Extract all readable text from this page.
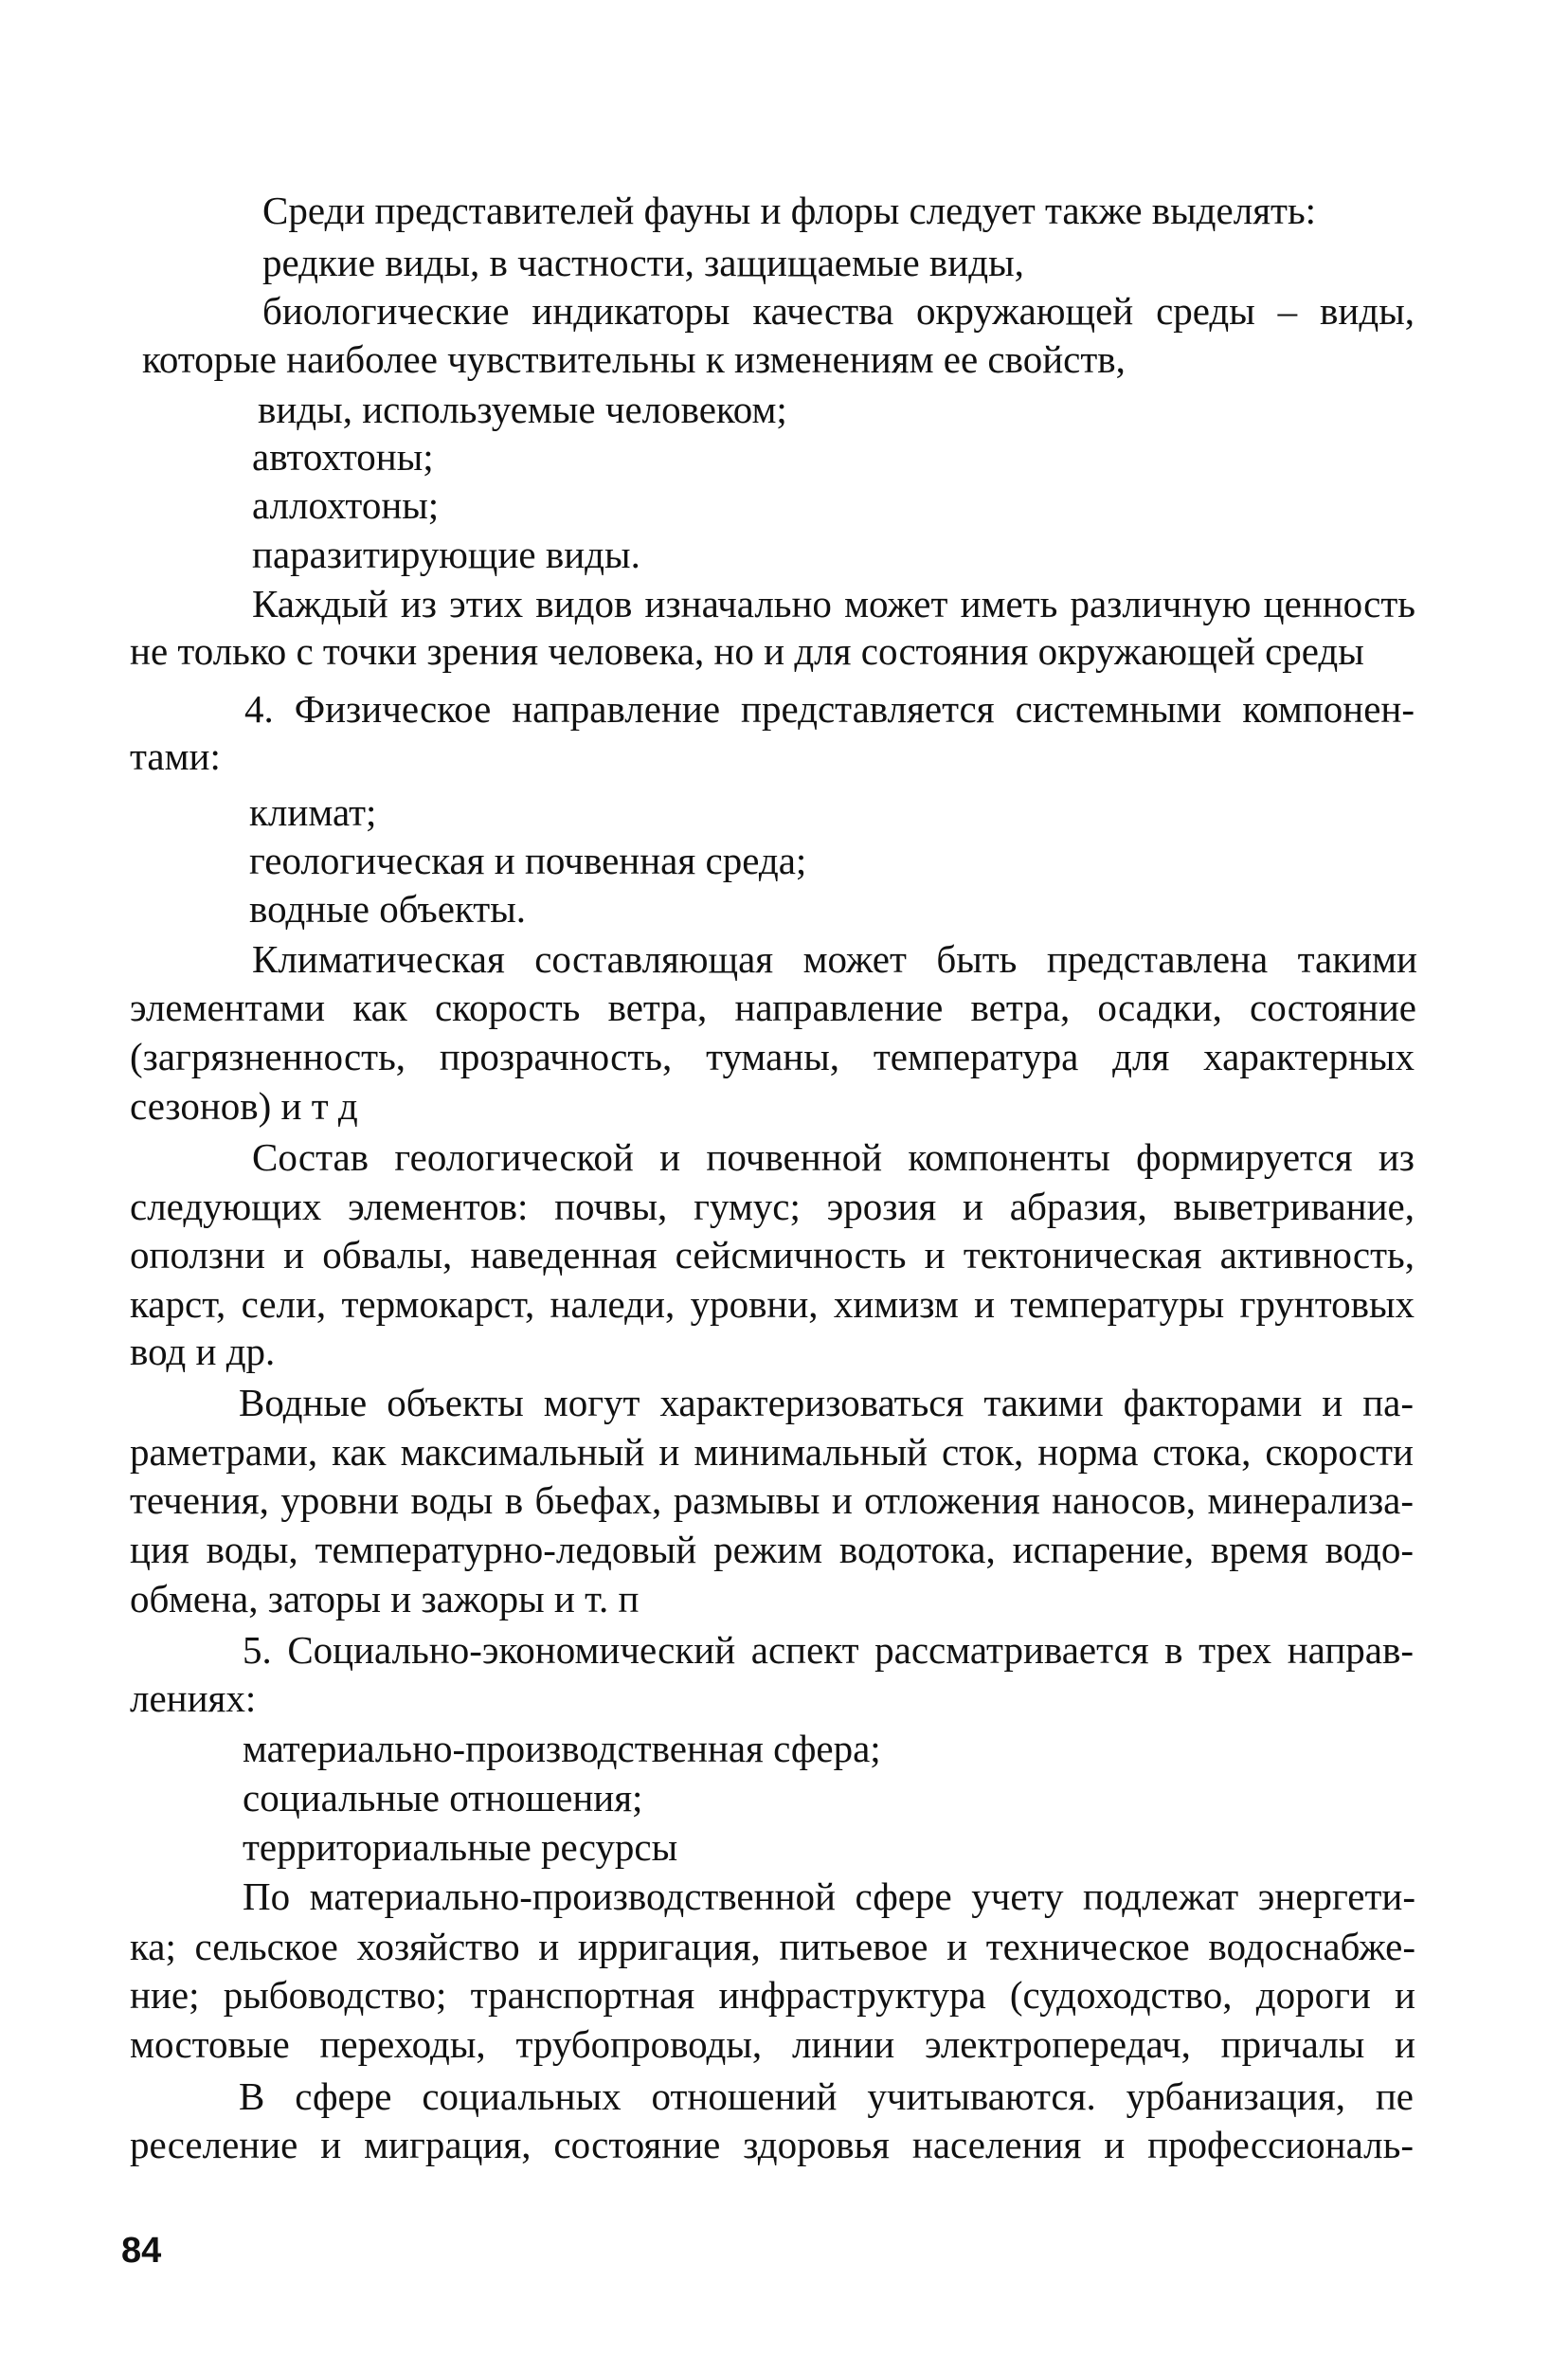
Среди представителей фауны и флоры следует также выделять:

редкие виды, в частности, защищаемые виды,

биологические индикаторы качества окружающей среды – виды,

которые наиболее чувствительны к изменениям ее свойств,

виды, используемые человеком;

автохтоны;

аллохтоны;

паразитирующие виды.

Каждый из этих видов изначально может иметь различную ценность

не только с точки зрения человека, но и для состояния окружающей среды

4. Физическое направление представляется системными компонен-

тами:

климат;

геологическая и почвенная среда;

водные объекты.

Климатическая составляющая может быть представлена такими

элементами как скорость ветра, направление ветра, осадки, состояние

(загрязненность, прозрачность, туманы, температура для характерных

сезонов) и т д

Состав геологической и почвенной компоненты формируется из

следующих элементов: почвы, гумус; эрозия и абразия, выветривание,

оползни и обвалы, наведенная сейсмичность и тектоническая активность,

карст, сели, термокарст, наледи, уровни, химизм и температуры грунтовых

вод и др.

Водные объекты могут характеризоваться такими факторами и па-

раметрами, как максимальный и минимальный сток, норма стока, скорости

течения, уровни воды в бьефах, размывы и отложения наносов, минерализа-

ция воды, температурно-ледовый режим водотока, испарение, время водо-

обмена, заторы и зажоры и т. п

5. Социально-экономический аспект рассматривается в трех направ-

лениях:

материально-производственная сфера;

социальные отношения;

территориальные ресурсы

По материально-производственной сфере учету подлежат энергети-

ка; сельское хозяйство и ирригация, питьевое и техническое водоснабже-

ние; рыбоводство; транспортная инфраструктура (судоходство, дороги и

мостовые переходы, трубопроводы, линии электропередач, причалы и

В сфере социальных отношений учитываются. урбанизация, пе

реселение и миграция, состояние здоровья населения и профессиональ-

84
